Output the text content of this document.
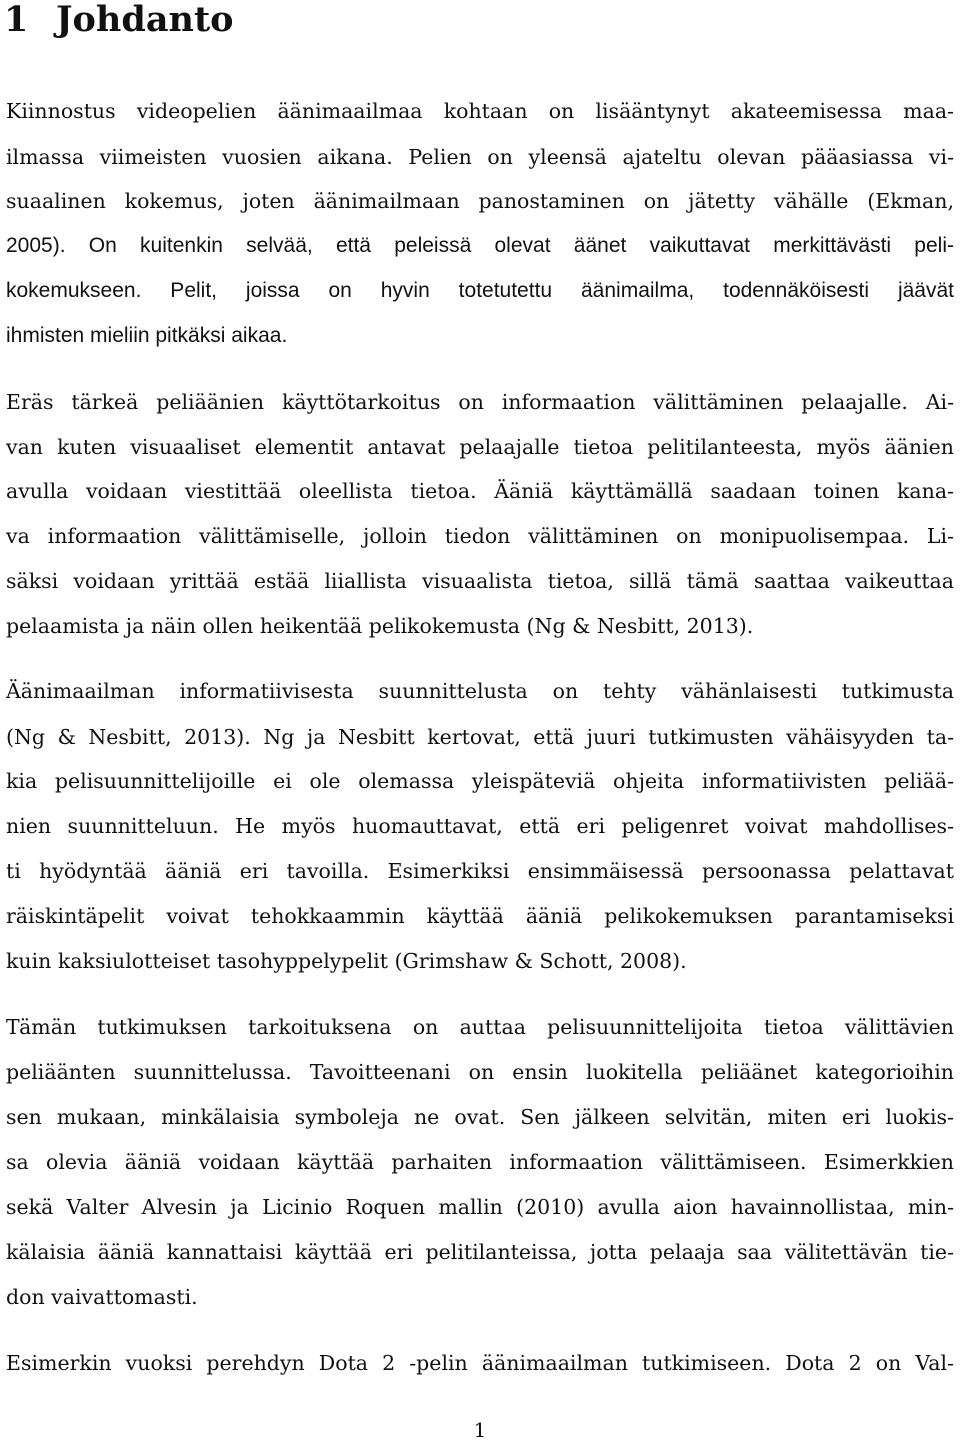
1 Johdanto
Kiinnostus videopelien äänimaailmaa kohtaan on lisääntynyt akateemisessa maa-
ilmassa viimeisten vuosien aikana. Pelien on yleensä ajateltu olevan pääasiassa vi-
suaalinen kokemus, joten äänimailmaan panostaminen on jätetty vähälle (Ekman,
2005). On kuitenkin selvää, että peleissä olevat äänet vaikuttavat merkittävästi peli-
kokemukseen. Pelit, joissa on hyvin totetutettu äänimailma, todennäköisesti jäävät
ihmisten mieliin pitkäksi aikaa.
Eräs tärkeä peliäänien käyttötarkoitus on informaation välittäminen pelaajalle. Ai-
van kuten visuaaliset elementit antavat pelaajalle tietoa pelitilanteesta, myös äänien
avulla voidaan viestittää oleellista tietoa. Ääniä käyttämällä saadaan toinen kana-
va informaation välittämiselle, jolloin tiedon välittäminen on monipuolisempaa. Li-
säksi voidaan yrittää estää liiallista visuaalista tietoa, sillä tämä saattaa vaikeuttaa
pelaamista ja näin ollen heikentää pelikokemusta (Ng & Nesbitt, 2013).
Äänimaailman informatiivisesta suunnittelusta on tehty vähänlaisesti tutkimusta
(Ng & Nesbitt, 2013). Ng ja Nesbitt kertovat, että juuri tutkimusten vähäisyyden ta-
kia pelisuunnittelijoille ei ole olemassa yleispäteviä ohjeita informatiivisten peliää-
nien suunnitteluun. He myös huomauttavat, että eri peligenret voivat mahdollises-
ti hyödyntää ääniä eri tavoilla. Esimerkiksi ensimmäisessä persoonassa pelattavat
räiskintäpelit voivat tehokkaammin käyttää ääniä pelikokemuksen parantamiseksi
kuin kaksiulotteiset tasohyppelypelit (Grimshaw & Schott, 2008).
Tämän tutkimuksen tarkoituksena on auttaa pelisuunnittelijoita tietoa välittävien
peliäänten suunnittelussa. Tavoitteenani on ensin luokitella peliäänet kategorioihin
sen mukaan, minkälaisia symboleja ne ovat. Sen jälkeen selvitän, miten eri luokis-
sa olevia ääniä voidaan käyttää parhaiten informaation välittämiseen. Esimerkkien
sekä Valter Alvesin ja Licinio Roquen mallin (2010) avulla aion havainnollistaa, min-
kälaisia ääniä kannattaisi käyttää eri pelitilanteissa, jotta pelaaja saa välitettävän tie-
don vaivattomasti.
Esimerkin vuoksi perehdyn Dota 2 -pelin äänimaailman tutkimiseen. Dota 2 on Val-
1
